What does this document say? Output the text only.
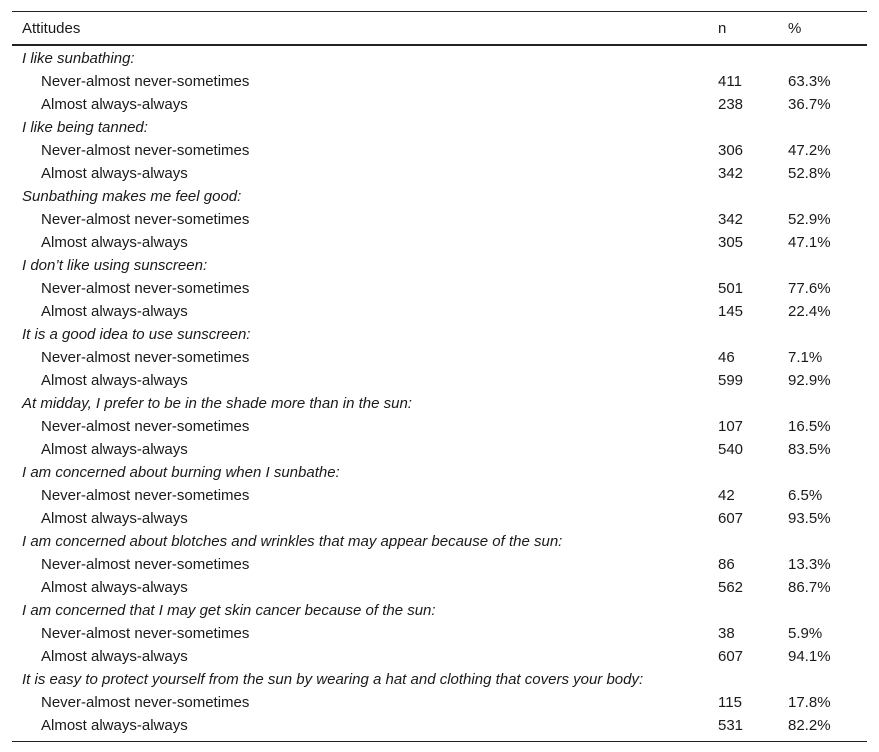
Attitudes	n	%
I like sunbathing:
Never-almost never-sometimes	411	63.3%
Almost always-always	238	36.7%
I like being tanned:
Never-almost never-sometimes	306	47.2%
Almost always-always	342	52.8%
Sunbathing makes me feel good:
Never-almost never-sometimes	342	52.9%
Almost always-always	305	47.1%
I don’t like using sunscreen:
Never-almost never-sometimes	501	77.6%
Almost always-always	145	22.4%
It is a good idea to use sunscreen:
Never-almost never-sometimes	46	7.1%
Almost always-always	599	92.9%
At midday, I prefer to be in the shade more than in the sun:
Never-almost never-sometimes	107	16.5%
Almost always-always	540	83.5%
I am concerned about burning when I sunbathe:
Never-almost never-sometimes	42	6.5%
Almost always-always	607	93.5%
I am concerned about blotches and wrinkles that may appear because of the sun:
Never-almost never-sometimes	86	13.3%
Almost always-always	562	86.7%
I am concerned that I may get skin cancer because of the sun:
Never-almost never-sometimes	38	5.9%
Almost always-always	607	94.1%
It is easy to protect yourself from the sun by wearing a hat and clothing that covers your body:
Never-almost never-sometimes	115	17.8%
Almost always-always	531	82.2%
